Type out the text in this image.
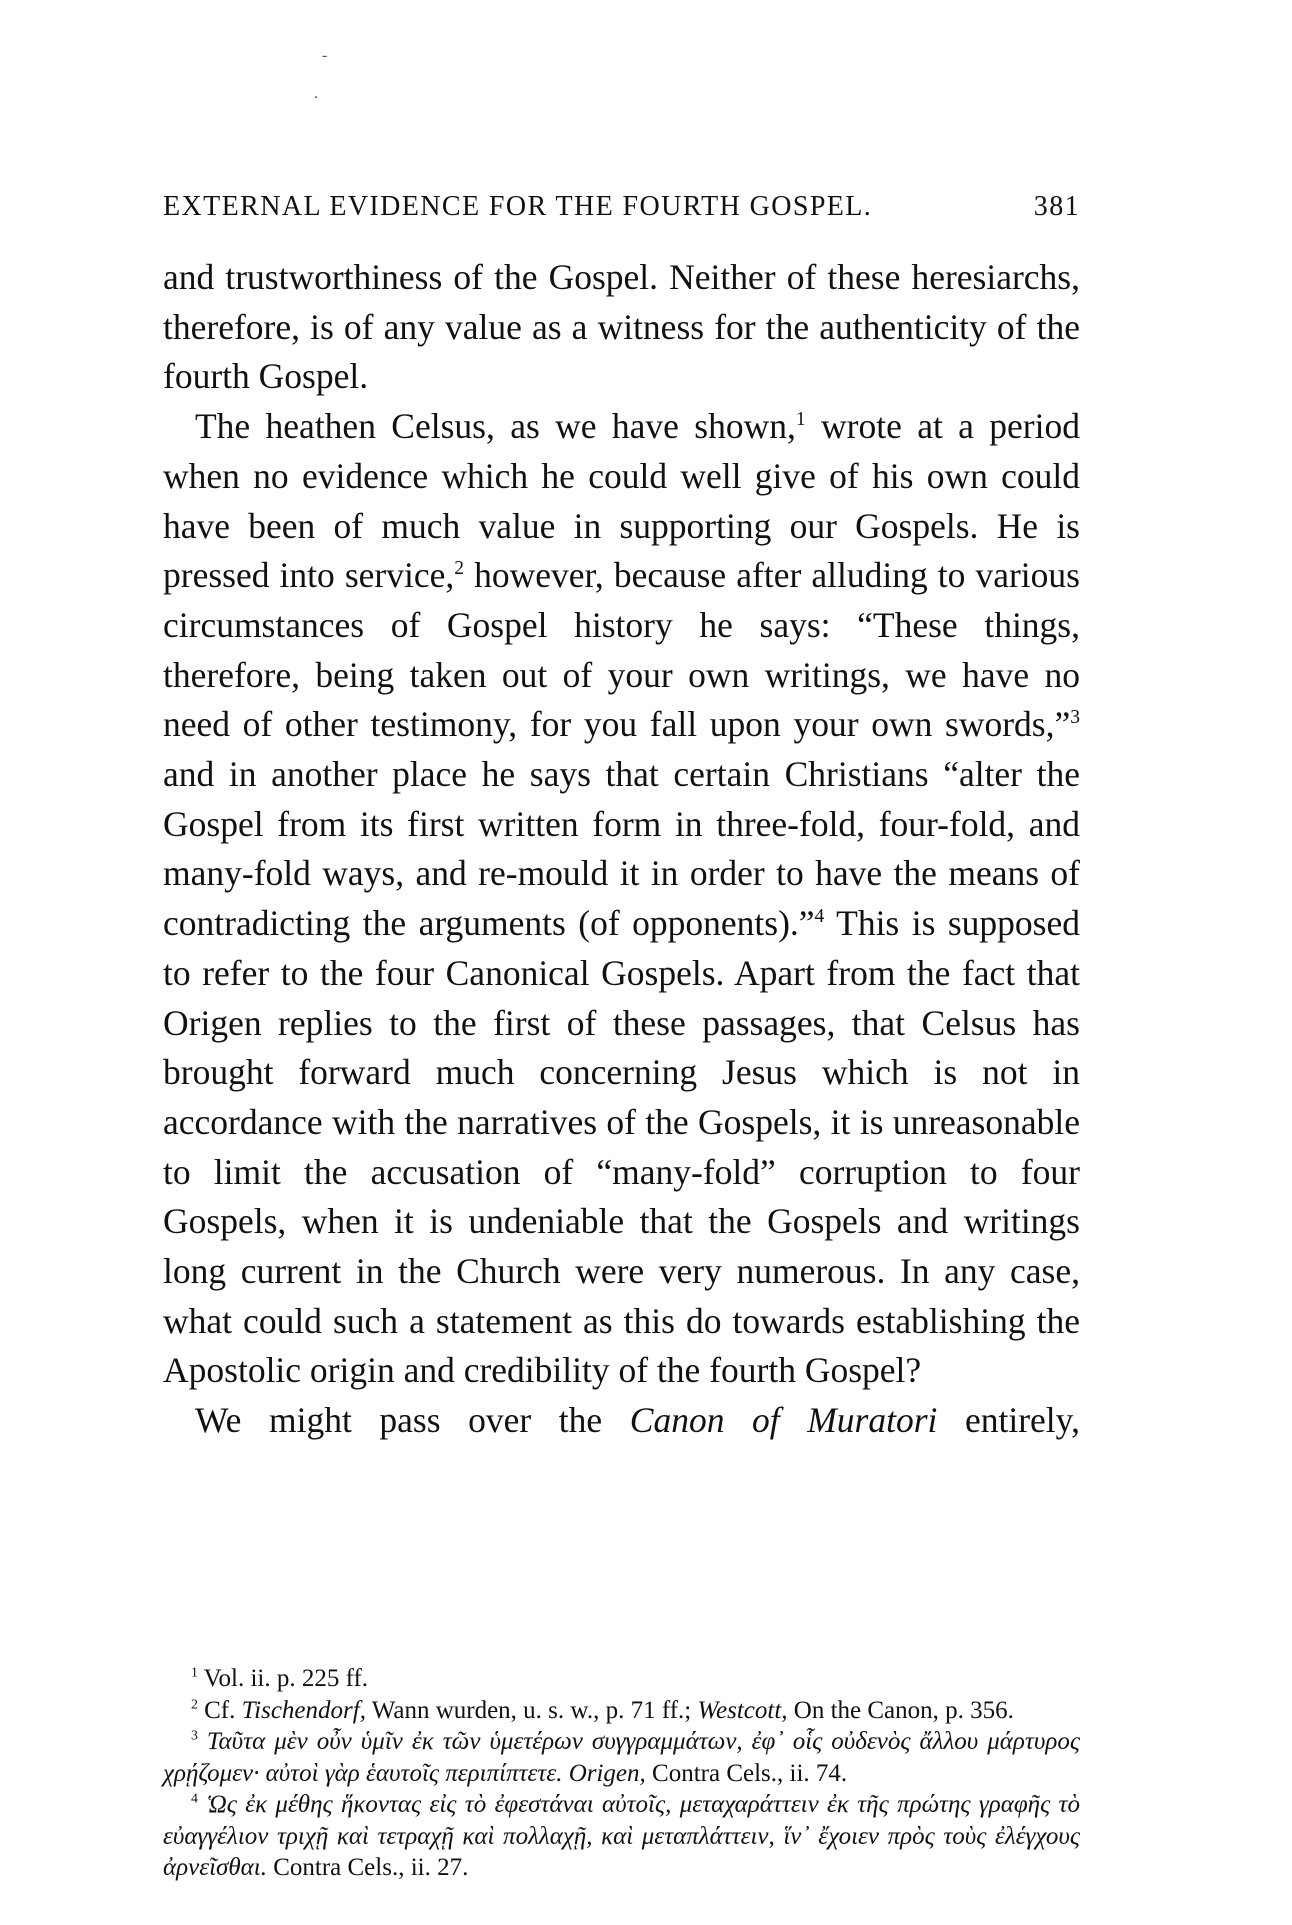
-
.
EXTERNAL EVIDENCE FOR THE FOURTH GOSPEL.	381

and trustworthiness of the Gospel. Neither of these heresiarchs, therefore, is of any value as a witness for the authenticity of the fourth Gospel.

The heathen Celsus, as we have shown,$^1$ wrote at a period when no evidence which he could well give of his own could have been of much value in supporting our Gospels. He is pressed into service,$^2$ however, because after alluding to various circumstances of Gospel history he says: “These things, therefore, being taken out of your own writings, we have no need of other testimony, for you fall upon your own swords,”$^3$ and in another place he says that certain Christians “alter the Gospel from its first written form in three-fold, four-fold, and many-fold ways, and re-mould it in order to have the means of contradicting the arguments (of opponents).”$^4$ This is supposed to refer to the four Canonical Gospels. Apart from the fact that Origen replies to the first of these passages, that Celsus has brought forward much concerning Jesus which is not in accordance with the narratives of the Gospels, it is unreasonable to limit the accusation of “many-fold” corruption to four Gospels, when it is undeniable that the Gospels and writings long current in the Church were very numerous. In any case, what could such a statement as this do towards establishing the Apostolic origin and credibility of the fourth Gospel?

We might pass over the Canon of Muratori entirely,

$^1$ Vol. ii. p. 225 ff.

$^2$ Cf. Tischendorf, Wann wurden, u. s. w., p. 71 ff.; Westcott, On the Canon, p. 356.

$^3$ Ταῦτα μὲν οὖν ὑμῖν ἐκ τῶν ὑμετέρων συγγραμμάτων, ἐφ᾽ οἷς οὐδενὸς ἄλλου μάρτυρος χρῄζομεν· αὐτοὶ γὰρ ἑαυτοῖς περιπίπτετε. Origen, Contra Cels., ii. 74.

$^4$ Ὡς ἐκ μέθης ἥκοντας εἰς τὸ ἐφεστάναι αὐτοῖς, μεταχαράττειν ἐκ τῆς πρώτης γραφῆς τὸ εὐαγγέλιον τριχῇ καὶ τετραχῇ καὶ πολλαχῇ, καὶ μεταπλάττειν, ἵν᾽ ἔχοιεν πρὸς τοὺς ἐλέγχους ἀρνεῖσθαι. Contra Cels., ii. 27.
